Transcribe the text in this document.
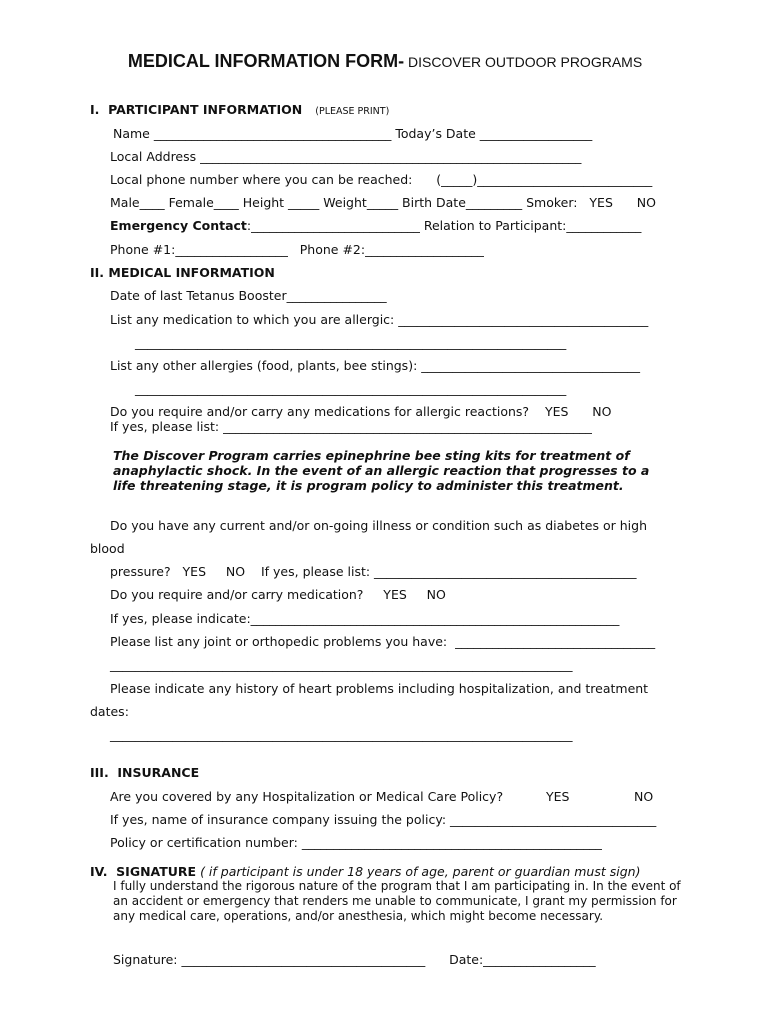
MEDICAL INFORMATION FORM- DISCOVER OUTDOOR PROGRAMS
I.  PARTICIPANT INFORMATION (PLEASE PRINT)
Name ______________________________________ Today’s Date __________________
Local Address _____________________________________________________________
Local phone number where you can be reached:      (_____)____________________________
Male____ Female____ Height _____ Weight_____ Birth Date_________ Smoker:   YES      NO
Emergency Contact:___________________________ Relation to Participant:____________
Phone #1:__________________   Phone #2:___________________
II. MEDICAL INFORMATION
Date of last Tetanus Booster________________
List any medication to which you are allergic: ________________________________________
_____________________________________________________________________
List any other allergies (food, plants, bee stings): ___________________________________
_____________________________________________________________________
Do you require and/or carry any medications for allergic reactions?    YES      NO
If yes, please list: ___________________________________________________________
The Discover Program carries epinephrine bee sting kits for treatment of anaphylactic shock. In the event of an allergic reaction that progresses to a life threatening stage, it is program policy to administer this treatment.
Do you have any current and/or on-going illness or condition such as diabetes or high
blood
pressure?   YES     NO    If yes, please list: __________________________________________
Do you require and/or carry medication?     YES     NO
If yes, please indicate:___________________________________________________________
Please list any joint or orthopedic problems you have:  ________________________________
__________________________________________________________________________
Please indicate any history of heart problems including hospitalization, and treatment
dates:
__________________________________________________________________________
III.  INSURANCE
Are you covered by any Hospitalization or Medical Care Policy?	YES	NO
If yes, name of insurance company issuing the policy: _________________________________
Policy or certification number: ________________________________________________
IV.  SIGNATURE ( if participant is under 18 years of age, parent or guardian must sign)
I fully understand the rigorous nature of the program that I am participating in. In the event of an accident or emergency that renders me unable to communicate, I grant my permission for any medical care, operations, and/or anesthesia, which might become necessary.
Signature: _______________________________________      Date:__________________
